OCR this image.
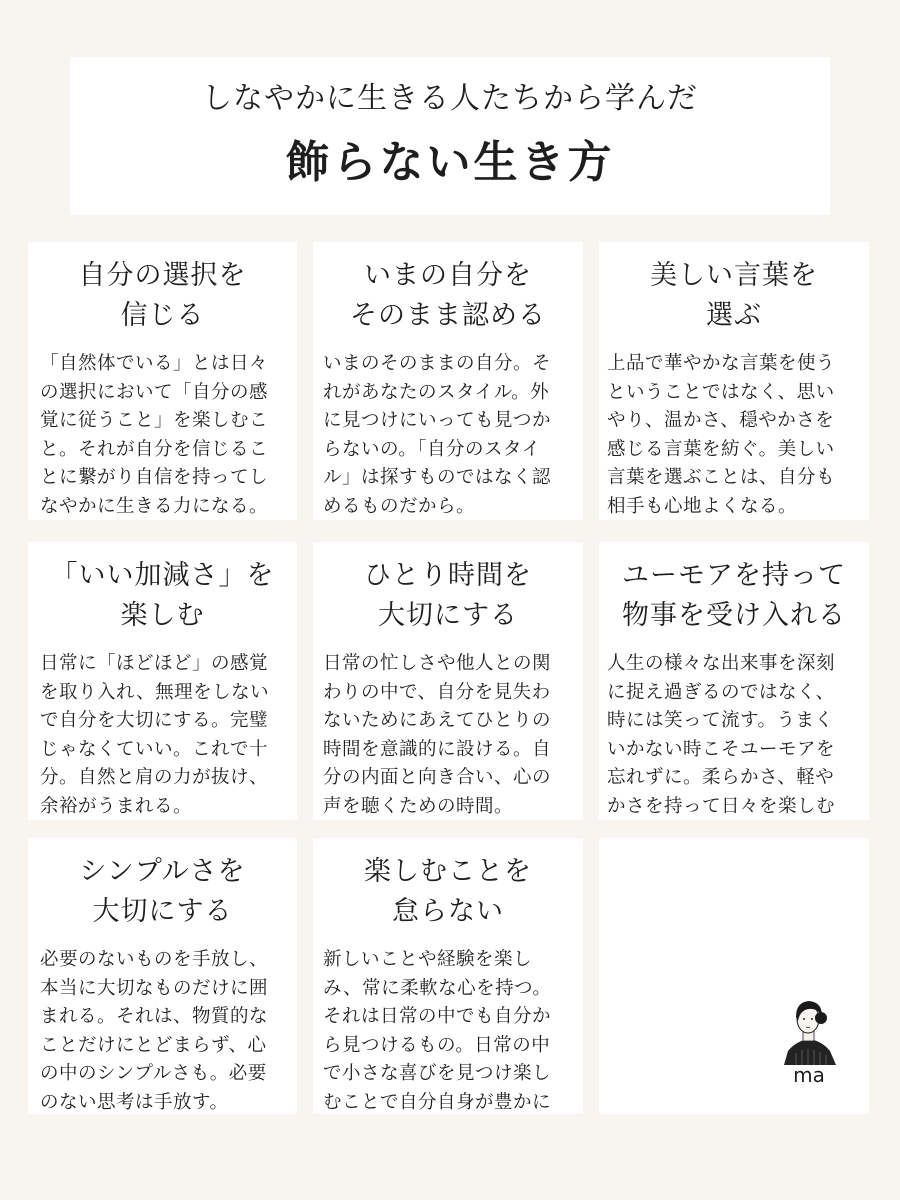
しなやかに生きる人たちから学んだ
飾らない生き方
自分の選択を
信じる
「自然体でいる」とは日々
の選択において「自分の感
覚に従うこと」を楽しむこ
と。それが自分を信じるこ
とに繋がり自信を持ってし
なやかに生きる力になる。
いまの自分を
そのまま認める
いまのそのままの自分。そ
れがあなたのスタイル。外
に見つけにいっても見つか
らないの。「自分のスタイ
ル」は探すものではなく認
めるものだから。
美しい言葉を
選ぶ
上品で華やかな言葉を使う
ということではなく、思い
やり、温かさ、穏やかさを
感じる言葉を紡ぐ。美しい
言葉を選ぶことは、自分も
相手も心地よくなる。
「いい加減さ」を
楽しむ
日常に「ほどほど」の感覚
を取り入れ、無理をしない
で自分を大切にする。完璧
じゃなくていい。これで十
分。自然と肩の力が抜け、
余裕がうまれる。
ひとり時間を
大切にする
日常の忙しさや他人との関
わりの中で、自分を見失わ
ないためにあえてひとりの
時間を意識的に設ける。自
分の内面と向き合い、心の
声を聴くための時間。
ユーモアを持って
物事を受け入れる
人生の様々な出来事を深刻
に捉え過ぎるのではなく、
時には笑って流す。うまく
いかない時こそユーモアを
忘れずに。柔らかさ、軽や
かさを持って日々を楽しむ
シンプルさを
大切にする
必要のないものを手放し、
本当に大切なものだけに囲
まれる。それは、物質的な
ことだけにとどまらず、心
の中のシンプルさも。必要
のない思考は手放す。
楽しむことを
怠らない
新しいことや経験を楽し
み、常に柔軟な心を持つ。
それは日常の中でも自分か
ら見つけるもの。日常の中
で小さな喜びを見つけ楽し
むことで自分自身が豊かに
ma
